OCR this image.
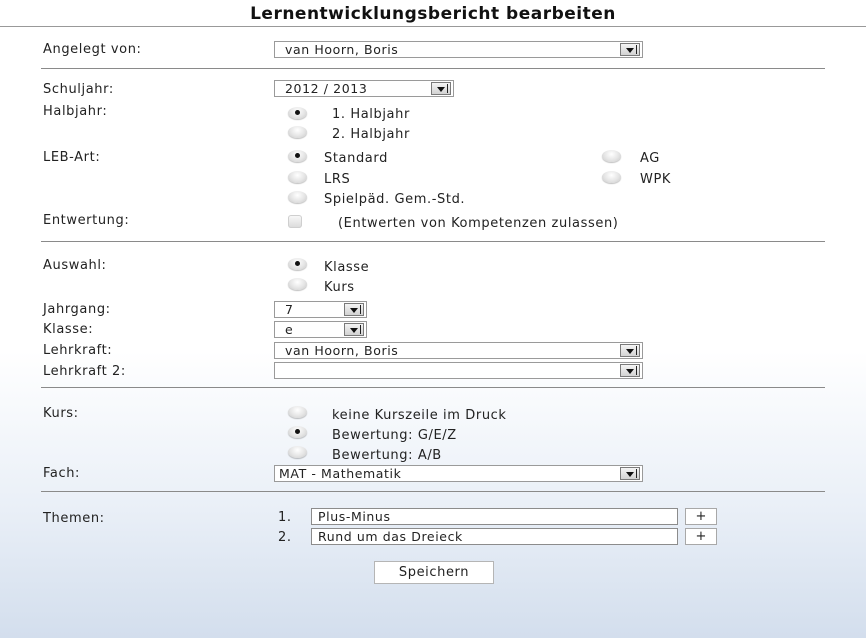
Lernentwicklungsbericht bearbeiten
Angelegt von:	van Hoorn, Boris
Schuljahr:	2012 / 2013
Halbjahr:	1. Halbjahr
2. Halbjahr
LEB-Art:	Standard	AG
LRS	WPK
Spielpäd. Gem.-Std.
Entwertung:	(Entwerten von Kompetenzen zulassen)
Auswahl:	Klasse
Kurs
Jahrgang:	7
Klasse:	e
Lehrkraft:	van Hoorn, Boris
Lehrkraft 2:
Kurs:	keine Kurszeile im Druck
Bewertung: G/E/Z
Bewertung: A/B
Fach:	MAT - Mathematik
Themen:	1.	Plus-Minus	+
2.	Rund um das Dreieck	+
Speichern
